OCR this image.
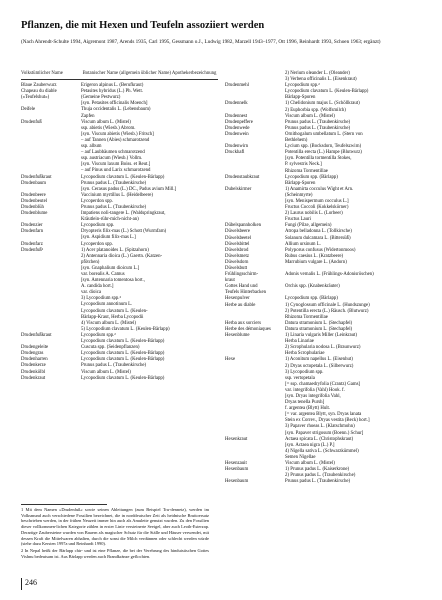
Pflanzen, die mit Hexen und Teufeln assoziiert werden

(Nach Ahrendt-Schulte 1994, Aigremont 1987, Arends 1935, Carl 1995, Gessmann o.J., Ludwig 1982, Marzell 1943–1977, Ott 1996, Reinhardt 1993, Schoen 1963; ergänzt)

Volkstümlicher Name	Botanischer Name (allgemein üblicher Name) Apothekerbezeichnung
Blaue Zauberwurz	Erigeron alpinus L. (Berufkraut)
Chapeau du diable	Petasites hybridus (L.) Ph. Wett.
(»Teufelshut«)	(Gemeine Pestwurz)
[syn. Petasites officinalis Moench]
Deifele	Thuja occidentalis L. (Lebensbaum)
Zapfen
Drudenfuß	Viscum album L. (Mistel)
ssp. abietis (Wiesb.) Abrom.
[syn. Viscum abietis (Wiesb.) Fritsch]
– auf Tannen (Abies) schmarotzend
ssp. album
– auf Laubbäumen schmarotzend
ssp. austriacum (Wiesb.) Vollm.
[syn. Viscum laxum Boiss. et Reut.]
– auf Pinus und Larix schmarotzend
Drudenfußkraut	Lycopodium clavatum L. (Keulen-Bärlapp)
Drudenbaum	Prunus padus L. (Traubenkirsche)
[syn. Cerasus padus (L.) DC., Padus avium Mill.]
Drudenbeere	Vaccinium myrtillus L. (Heidelbeere)
Drudenbeutel	Lycoperdon spp.
Drudenblüh	Prunus padus L. (Traubenkirsche)
Drudenblume	Impatiens noli-tangere L. (Waldspringkraut,
Kräutlein-rühr-mich-nicht-an)
Drudenzier	Lycopodium spp.
Drudenfarn	Dryopteris filix-mas (L.) Schott (Wurmfarn)
[syn. Aspidium filix-mas L.]
Drudenfarz	Lycoperdon spp.
Drudenfuß¹	1) Acer platanoides L. (Spitzahorn)
2) Antennaria dioica (L.) Gaertn. (Katzen-
pfötchen)
[syn. Gnaphalium dioicum L.]
var. borealis A. Camus
[syn. Antennaria tomentosa hort.,
A. candida hort.]
var. dioica
3) Lycopodium spp.²
Lycopodium annotinum L.
Lycopodium clavatum L. (Keulen-
Bärlapp-Kraut, Herba Lycopodii
4) Viscum album L. (Mistel)
5) Lycopodium clavatum L. (Keulen-Bärlapp)
Drudenfußkraut	Lycopodium spp.²
Lycopodium clavatum L. (Keulen-Bärlapp)
Drudengeleite	Cuscuta spp. (Seidenpflanzen)
Drudengras	Lycopodium clavatum L. (Keulen-Bärlapp)
Drudenharren	Lycopodium clavatum L. (Keulen-Bärlapp)
Drudenkerze	Prunus padus L. (Traubenkirsche)
Drudenkölbl	Viscum album L. (Mistel)
Drudenkraut	Lycopodium clavatum L. (Keulen-Bärlapp)
2) Nerium oleander L. (Oleander)
3) Verbena officinalis L. (Eisenkraut)
Drudenmehl	Lycopodium spp.²
Lycopodium clavatum L. (Keulen-Bärlapp)
Bärlapp-Sporen
Drudennelk	1) Chelidonium majus L. (Schöllkraut)
2) Euphorbia spp. (Wolfsmilch)
Drudennest	Viscum album L. (Mistel)
Drudenpeffere	Prunus padus L. (Traubenkirsche)
Drudenwede	Prunus padus L. (Traubenkirsche)
Drudenwein	Ornithogalum umbellatum L. (Stern von
Bethlehem)
Drudenwirn	Lycium spp. (Bocksdorn, Teufelszwirn)
Druckhafl	Potentilla erecta (L.) Hampe (Blutwurz)
[syn. Potentilla tormentilla Stokes,
P. sylvestris Neck.]
Rhizoma Tormentillae
Drudenstaubkraut	Lycopodium spp. (Bärlapp)
Bärlapp-Sporen
Dubelskirmer	1) Anamirta cocculus Wight et Arn.
(Scheinmyrte)
[syn. Menispermum cocculus L.]
Fructus Coccoli (Kokkelskörner)
2) Laurus nobilis L. (Lorbeer)
Fructus Lauri
Dübelspannholken	Fungi (Pilze, allgemein)
Düwelsbeere	Atropa belladonna L. (Tollkirsche)
Düwelsbeetel	Solanum dulcamara L. (Bittersüß)
Düwelsbittel	Allium ursinum L.
Düwelsbrod	Polyporus confusus (Widertonmoos)
Düwelsmetz	Rubus caesius L. (Kratzbeere)
Düwelsdorn	Marrubium vulgare L. (Andorn)
Düwelsbutt
Frühlingsschirm-	Adonis vernalis L. (Frühlings-Adonisröschen)
kraut
Gottes Hand und	Orchis spp. (Knabenkräuter)
Teufels Hinterbacken
Hexenpulver	Lycopodium spp. (Bärlapp)
Herbe au diable	1) Cynoglossum officinale L. (Hundszunge)
2) Potentilla erecta (L.) Räusch. (Blutwurz)
Rhizoma Tormentillae
Herba aux sorciers	Datura stramonium L. (Stechapfel)
Herbe des démoniaques	Datura stramonium L. (Stechapfel)
Hexenblume	1) Linaria vulgaris Miller (Leinkraut)
Herba Linariae
2) Scrophularia nodosa L. (Braunwurz)
Herba Scrophulariae
Hexe	1) Aconitum napellus L. (Eisenhut)
2) Dryas octopetala L. (Silberwurz)
3) Lycopodium spp.
ssp. vertopetala
[= ssp. chamaedryfolia (Crantz) Gams]
var. integrifolia (Vahl) Hook. f.
[syn. Dryas integrifolia Vahl,
Dryas tenella Pursh]
f. argentea (Blytt) Hult.
[= var. argentea Blytt, syn. Dryas lanata
Stein ex Correv., Dryas vestita (Beck) hort.]
3) Papaver rhoeas L. (Klatschmohn)
[syn. Papaver strigosum (Boenn.) Schur]
Hexenkraut	Actaea spicata L. (Christophskraut)
[syn. Actaea nigra (L.) P.]
4) Nigella sativa L. (Schwarzkümmel)
Semen Nigellae
Hexenzauit	Viscum album L. (Mistel)
Hexenbaum	1) Prunus padus L. (Kaiserkrone)
2) Prunus padus L. (Traubenkirsche)
Hexenbaum	Prunus padus L. (Traubenkirsche)

1 Mit dem Namen »Drudenfuß« sowie seinen Ableitungen (zum Beispiel Tru-dennetz), werden im Volksmund auch verschiedene Fossilien bezeichnet, die in norddeutscher Zeit als heidnische Bruttoersatz beschrieben werden, in der frühen Neuzeit immer hin auch als Amulette genutzt wurden. Zu den Fossilien dieser vollkommen-lichen Kategorie zählen in erster Linie versteinerte Seeigel, aber auch Leoth-Esterzap. Derartige Zaubersteine wurden von Bauern als magischer Schutz für die Ställe und Häuser verwendet, mit dessen Kraft die Mittelwaren abhalten, durch die sonst die Milch verdünnen oder schlecht werden würde (siehe dazu Kersten 1997a und Reinhardt 1990).

2 In Nepal heißt der Bärlapp chir- und ist eine Pflanze, die bei der Verehrung des hinduistischen Gottes Vishnu bedeutsam ist. Aus Bärlapp werden auch Brandkränze geflochten.

246
